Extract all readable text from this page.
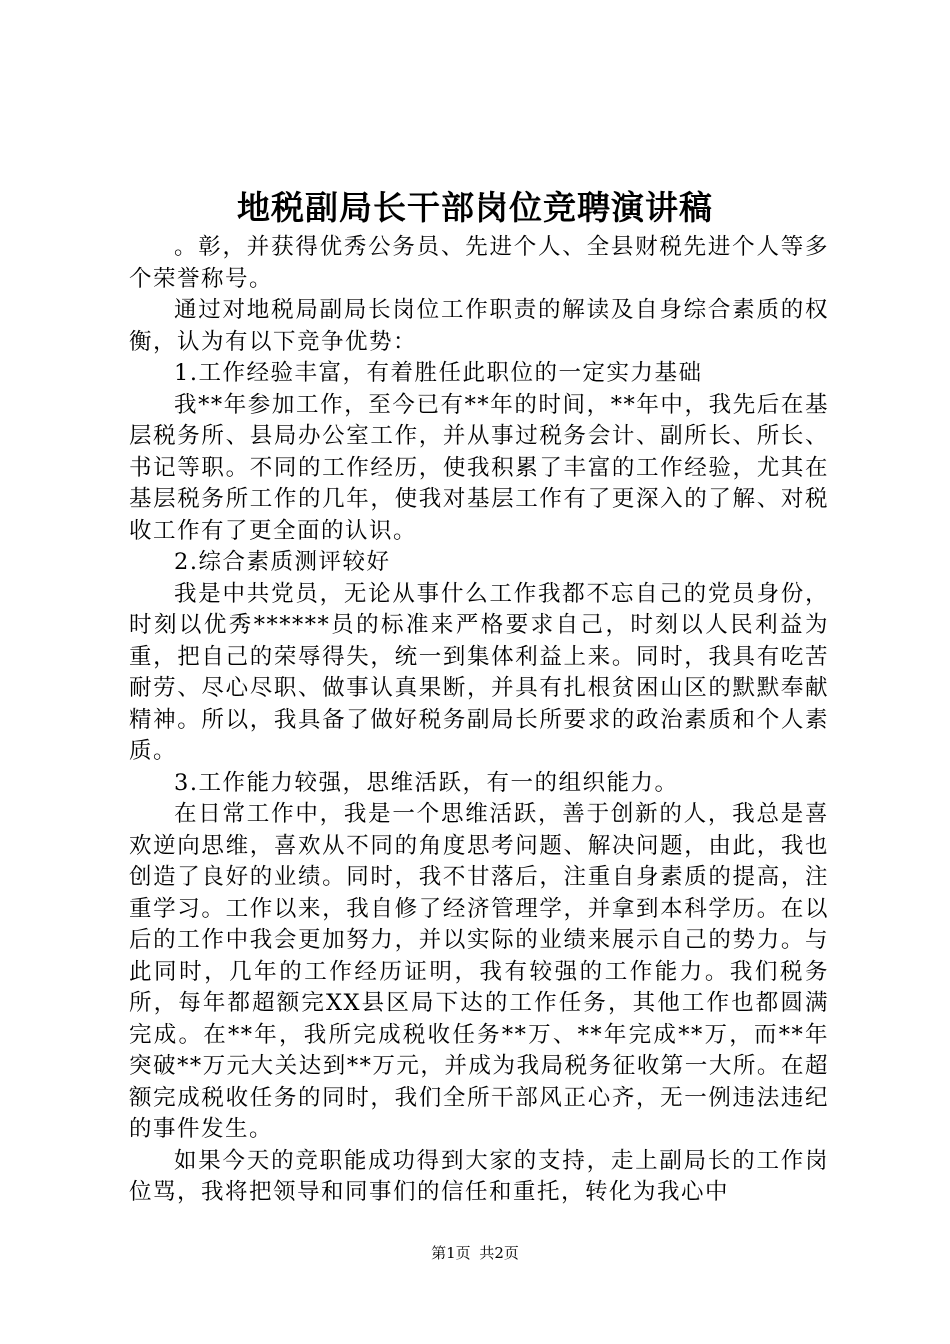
地税副局长干部岗位竞聘演讲稿

。彰，并获得优秀公务员、先进个人、全县财税先进个人等多个荣誉称号。

通过对地税局副局长岗位工作职责的解读及自身综合素质的权衡，认为有以下竞争优势：

1.工作经验丰富，有着胜任此职位的一定实力基础

我**年参加工作，至今已有**年的时间，**年中，我先后在基层税务所、县局办公室工作，并从事过税务会计、副所长、所长、书记等职。不同的工作经历，使我积累了丰富的工作经验，尤其在基层税务所工作的几年，使我对基层工作有了更深入的了解、对税收工作有了更全面的认识。

2.综合素质测评较好

我是中共党员，无论从事什么工作我都不忘自己的党员身份，时刻以优秀******员的标准来严格要求自己，时刻以人民利益为重，把自己的荣辱得失，统一到集体利益上来。同时，我具有吃苦耐劳、尽心尽职、做事认真果断，并具有扎根贫困山区的默默奉献精神。所以，我具备了做好税务副局长所要求的政治素质和个人素质。

3.工作能力较强，思维活跃，有一的组织能力。

在日常工作中，我是一个思维活跃，善于创新的人，我总是喜欢逆向思维，喜欢从不同的角度思考问题、解决问题，由此，我也创造了良好的业绩。同时，我不甘落后，注重自身素质的提高，注重学习。工作以来，我自修了经济管理学，并拿到本科学历。在以后的工作中我会更加努力，并以实际的业绩来展示自己的势力。与此同时，几年的工作经历证明，我有较强的工作能力。我们税务所，每年都超额完XX县区局下达的工作任务，其他工作也都圆满完成。在**年，我所完成税收任务**万、**年完成**万，而**年突破**万元大关达到**万元，并成为我局税务征收第一大所。在超额完成税收任务的同时，我们全所干部风正心齐，无一例违法违纪的事件发生。

如果今天的竞职能成功得到大家的支持，走上副局长的工作岗位骂，我将把领导和同事们的信任和重托，转化为我心中

第1页 共2页
